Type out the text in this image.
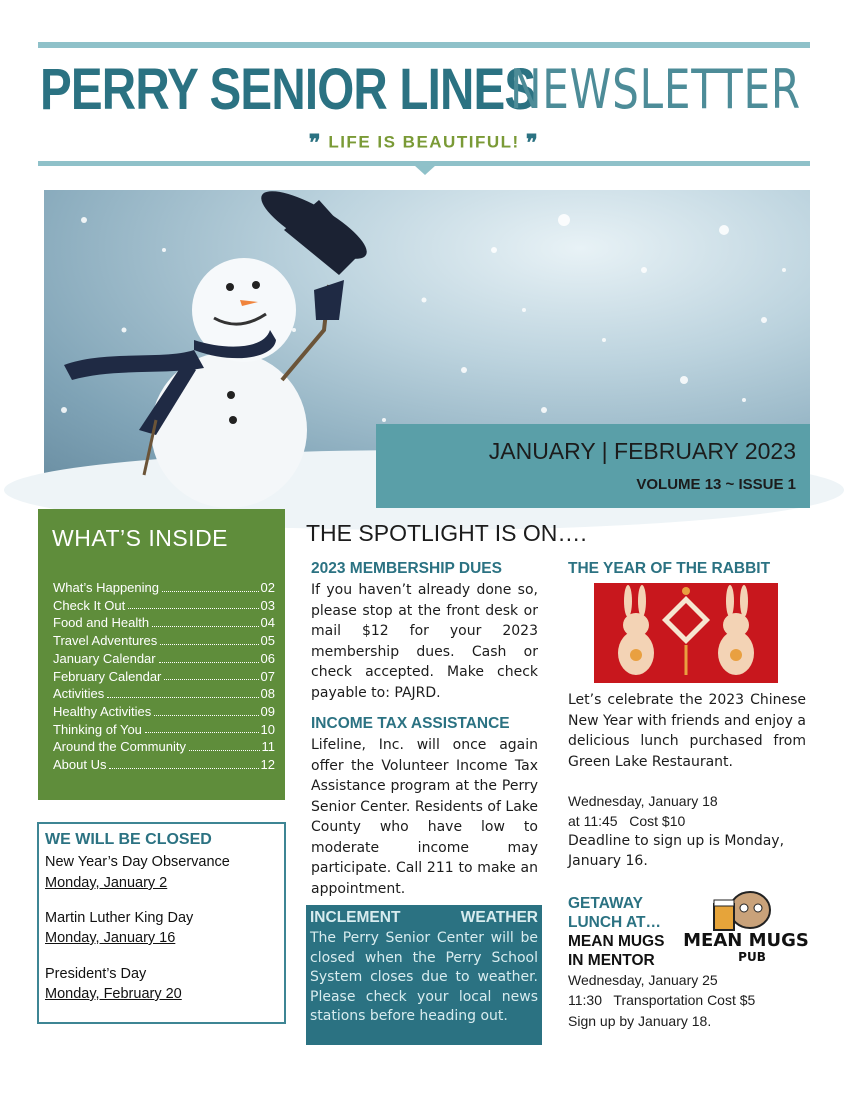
PERRY SENIOR LINES
NEWSLETTER
❞ LIFE IS BEAUTIFUL! ❞
JANUARY | FEBRUARY 2023
VOLUME 13 ~ ISSUE 1
WHAT’S INSIDE
What’s Happening	02
Check It Out	03
Food and Health	04
Travel Adventures	05
January Calendar	06
February Calendar	07
Activities	08
Healthy Activities	09
Thinking of You	10
Around the Community	11
About Us	12
WE WILL BE CLOSED
New Year’s Day Observance
Monday, January 2
Martin Luther King Day
Monday, January 16
President’s Day
Monday, February 20
THE SPOTLIGHT IS ON….
2023 MEMBERSHIP DUES
If you haven’t already done so, please stop at the front desk or mail $12 for your 2023 membership dues. Cash or check accepted. Make check payable to: PAJRD.
INCOME TAX ASSISTANCE
Lifeline, Inc. will once again offer the Volunteer Income Tax Assistance program at the Perry Senior Center. Residents of Lake County who have low to moderate income may participate. Call 211 to make an appointment.
INCLEMENT	WEATHER
The Perry Senior Center will be closed when the Perry School System closes due to weather. Please check your local news stations before heading out.
THE YEAR OF THE RABBIT
Let’s celebrate the 2023 Chinese New Year with friends and enjoy a delicious lunch purchased from Green Lake Restaurant.
Wednesday, January 18
at 11:45 Cost $10
Deadline to sign up is Monday,
January 16.
GETAWAY
LUNCH AT…
MEAN MUGS
IN MENTOR
MEAN MUGS
PUB
Wednesday, January 25
11:30 Transportation Cost $5
Sign up by January 18.
